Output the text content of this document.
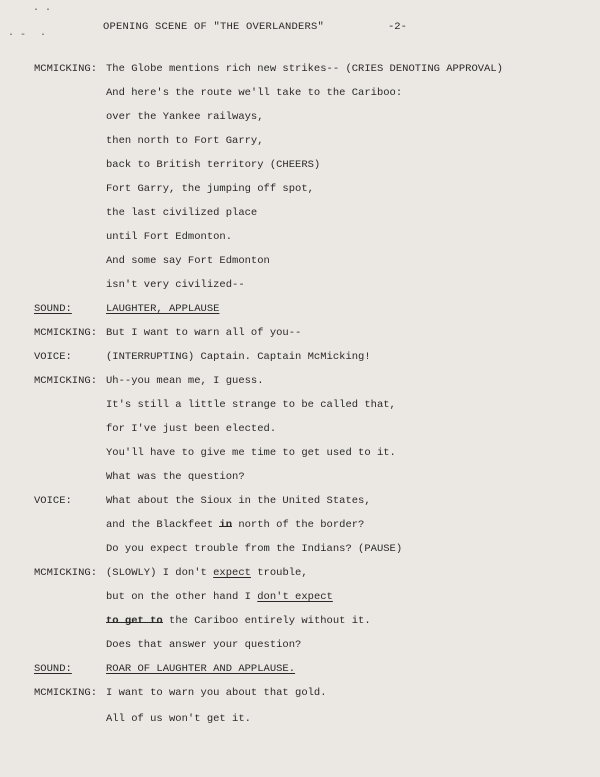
· ·
· - ·
OPENING SCENE OF "THE OVERLANDERS"	-2-
MCMICKING: The Globe mentions rich new strikes-- (CRIES DENOTING APPROVAL)
And here's the route we'll take to the Cariboo:
over the Yankee railways,
then north to Fort Garry,
back to British territory (CHEERS)
Fort Garry, the jumping off spot,
the last civilized place
until Fort Edmonton.
And some say Fort Edmonton
isn't very civilized--
SOUND:	LAUGHTER, APPLAUSE
MCMICKING: But I want to warn all of you--
VOICE:	(INTERRUPTING) Captain. Captain McMicking!
MCMICKING: Uh--you mean me, I guess.
It's still a little strange to be called that,
for I've just been elected.
You'll have to give me time to get used to it.
What was the question?
VOICE:	What about the Sioux in the United States,
and the Blackfeet in north of the border?
Do you expect trouble from the Indians? (PAUSE)
MCMICKING: (SLOWLY) I don't expect trouble,
but on the other hand I don't expect
to get to the Cariboo entirely without it.
Does that answer your question?
SOUND:	ROAR OF LAUGHTER AND APPLAUSE.
MCMICKING: I want to warn you about that gold.
All of us won't get it.
